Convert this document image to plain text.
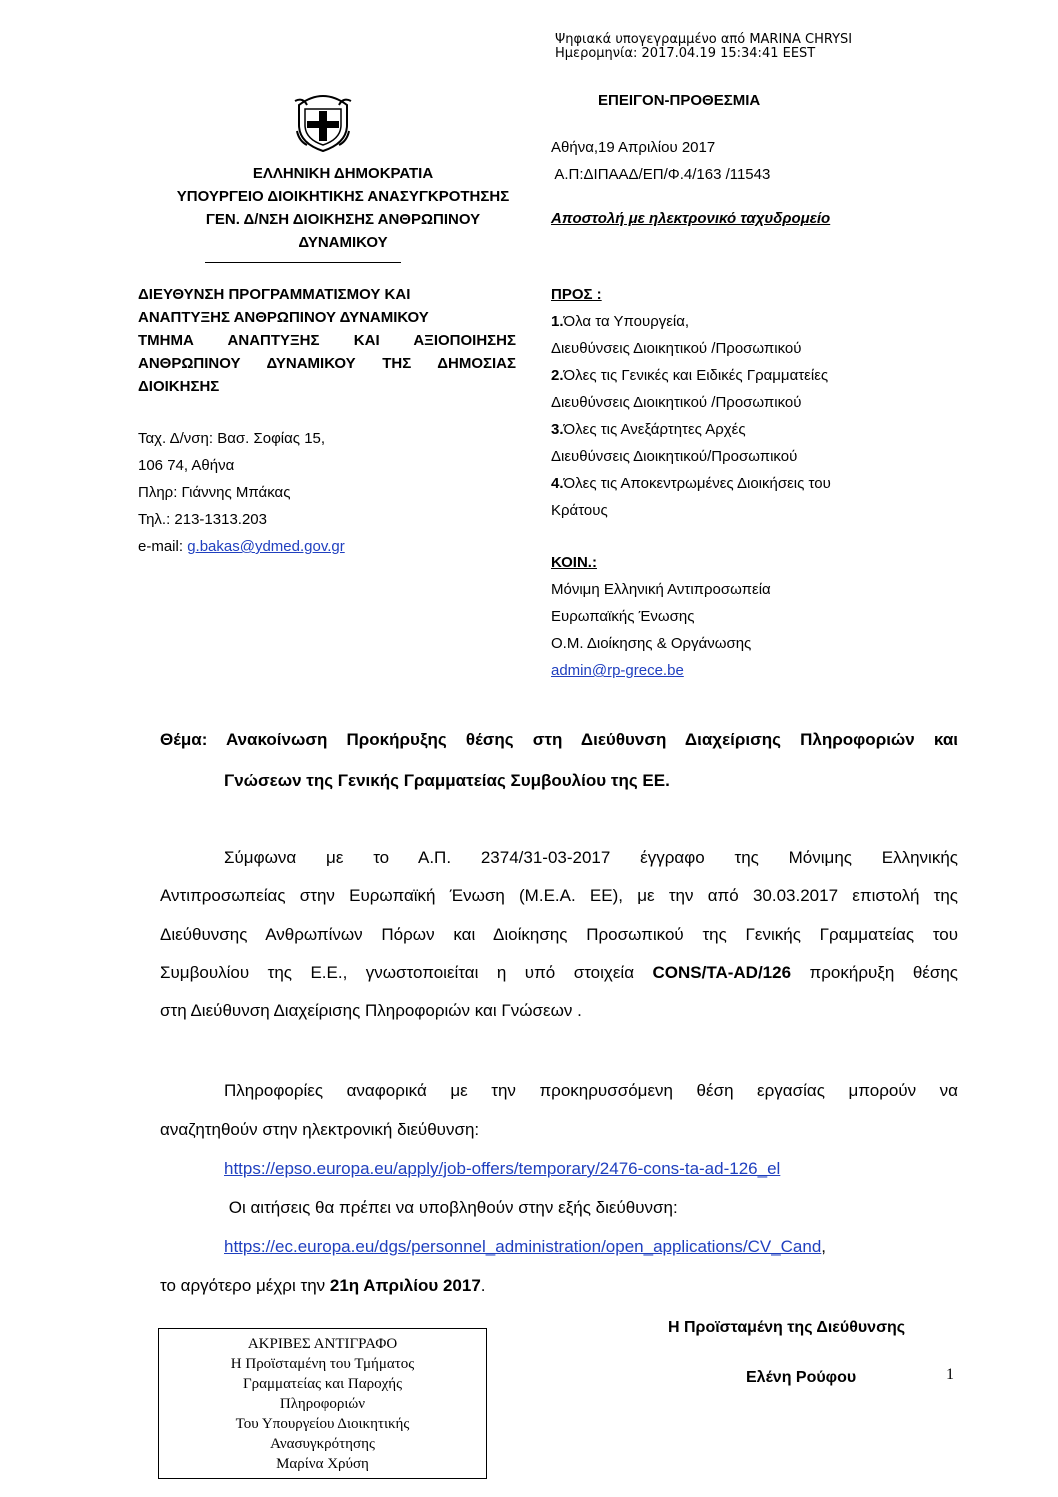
Ψηφιακά υπογεγραμμένο από MARINA CHRYSI
Ημερομηνία: 2017.04.19 15:34:41 EEST
ΕΠΕΙΓΟΝ-ΠΡΟΘΕΣΜΙΑ
ΕΛΛΗΝΙΚΗ ΔΗΜΟΚΡΑΤΙΑ
ΥΠΟΥΡΓΕΙΟ ΔΙΟΙΚΗΤΙΚΗΣ ΑΝΑΣΥΓΚΡΟΤΗΣΗΣ
ΓΕΝ. Δ/ΝΣΗ ΔΙΟΙΚΗΣΗΣ ΑΝΘΡΩΠΙΝΟΥ
ΔΥΝΑΜΙΚΟΥ
ΔΙΕΥΘΥΝΣΗ ΠΡΟΓΡΑΜΜΑΤΙΣΜΟΥ ΚΑΙ
ΑΝΑΠΤΥΞΗΣ ΑΝΘΡΩΠΙΝΟΥ ΔΥΝΑΜΙΚΟΥ
ΤΜΗΜΑ ΑΝΑΠΤΥΞΗΣ ΚΑΙ ΑΞΙΟΠΟΙΗΣΗΣ
ΑΝΘΡΩΠΙΝΟΥ ΔΥΝΑΜΙΚΟΥ ΤΗΣ ΔΗΜΟΣΙΑΣ
ΔΙΟΙΚΗΣΗΣ
Ταχ. Δ/νση: Βασ. Σοφίας 15,
106 74, Αθήνα
Πληρ: Γιάννης Μπάκας
Τηλ.: 213-1313.203
e-mail: g.bakas@ydmed.gov.gr
Αθήνα,19 Απριλίου 2017
Α.Π:ΔΙΠΑΑΔ/ΕΠ/Φ.4/163 /11543
Αποστολή με ηλεκτρονικό ταχυδρομείο
ΠΡΟΣ :
1.Όλα τα Υπουργεία,
Διευθύνσεις Διοικητικού /Προσωπικού
2.Όλες τις Γενικές και Ειδικές Γραμματείες
Διευθύνσεις Διοικητικού /Προσωπικού
3.Όλες τις Ανεξάρτητες Αρχές
Διευθύνσεις Διοικητικού/Προσωπικού
4.Όλες τις Αποκεντρωμένες Διοικήσεις του
Κράτους
ΚΟΙΝ.:
Μόνιμη Ελληνική Αντιπροσωπεία
Ευρωπαϊκής Ένωσης
Ο.Μ. Διοίκησης & Οργάνωσης
admin@rp-grece.be
Θέμα: Ανακοίνωση Προκήρυξης θέσης στη Διεύθυνση Διαχείρισης Πληροφοριών και
Γνώσεων της Γενικής Γραμματείας Συμβουλίου της ΕΕ.
Σύμφωνα με το Α.Π. 2374/31-03-2017 έγγραφο της Μόνιμης Ελληνικής
Αντιπροσωπείας στην Ευρωπαϊκή Ένωση (Μ.Ε.Α. ΕΕ), με την από 30.03.2017 επιστολή της
Διεύθυνσης Ανθρωπίνων Πόρων και Διοίκησης Προσωπικού της Γενικής Γραμματείας του
Συμβουλίου της Ε.Ε., γνωστοποιείται η υπό στοιχεία CONS/TA-AD/126 προκήρυξη θέσης
στη Διεύθυνση Διαχείρισης Πληροφοριών και Γνώσεων .
Πληροφορίες αναφορικά με την προκηρυσσόμενη θέση εργασίας μπορούν να
αναζητηθούν στην ηλεκτρονική διεύθυνση:
https://epso.europa.eu/apply/job-offers/temporary/2476-cons-ta-ad-126_el
Οι αιτήσεις θα πρέπει να υποβληθούν στην εξής διεύθυνση:
https://ec.europa.eu/dgs/personnel_administration/open_applications/CV_Cand,
το αργότερο μέχρι την 21η Απριλίου 2017.
Η Προϊσταμένη της Διεύθυνσης
Ελένη Ρούφου
ΑΚΡΙΒΕΣ ΑΝΤΙΓΡΑΦΟ
Η Προϊσταμένη του Τμήματος
Γραμματείας και Παροχής
Πληροφοριών
Του Υπουργείου Διοικητικής
Ανασυγκρότησης
Μαρίνα Χρύση
1
